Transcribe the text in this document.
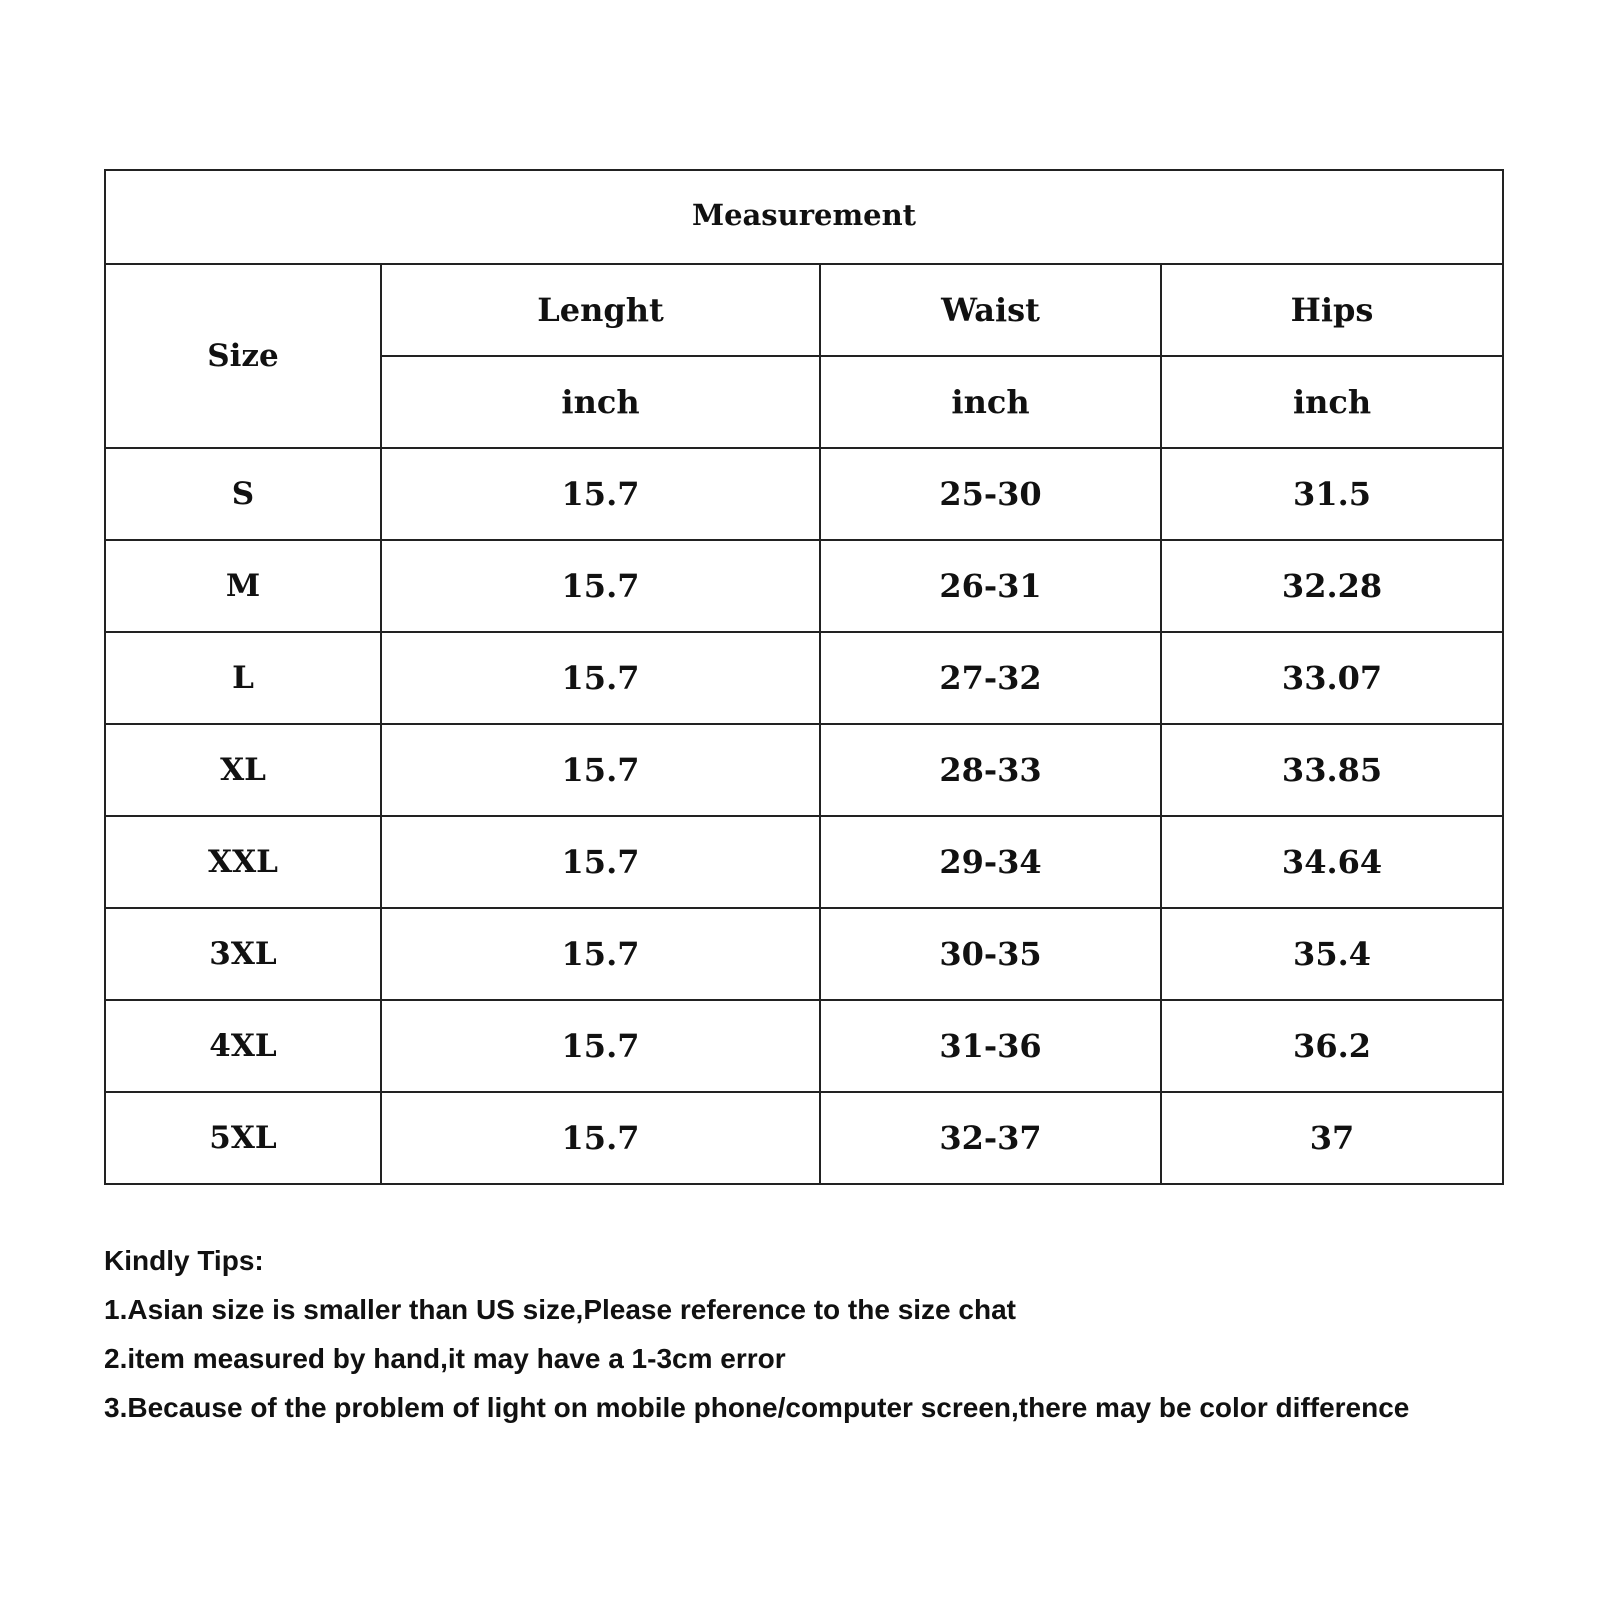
Measurement			
Size	Lenght	Waist	Hips
	inch	inch	inch
S	15.7	25-30	31.5
M	15.7	26-31	32.28
L	15.7	27-32	33.07
XL	15.7	28-33	33.85
XXL	15.7	29-34	34.64
3XL	15.7	30-35	35.4
4XL	15.7	31-36	36.2
5XL	15.7	32-37	37

Kindly Tips:

1.Asian size is smaller than US size,Please reference to the size chat

2.item measured by hand,it may have a 1-3cm error

3.Because of the problem of light on mobile phone/computer screen,there may be color difference
